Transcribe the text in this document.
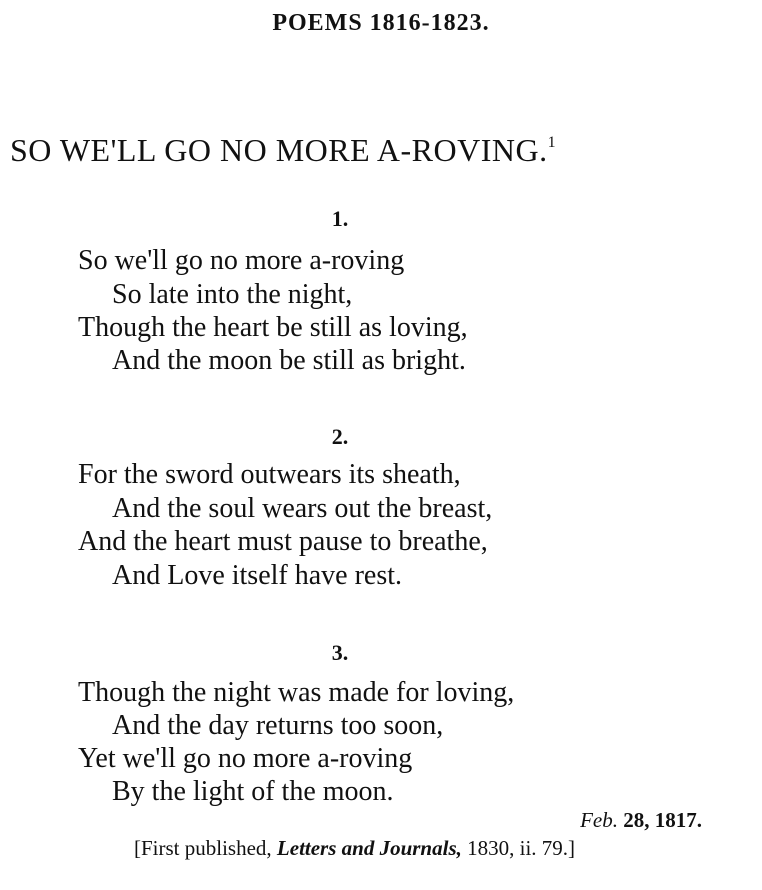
POEMS 1816-1823.
SO WE'LL GO NO MORE A-ROVING.$^1$
1.
So we'll go no more a-roving
So late into the night,
Though the heart be still as loving,
And the moon be still as bright.
2.
For the sword outwears its sheath,
And the soul wears out the breast,
And the heart must pause to breathe,
And Love itself have rest.
3.
Though the night was made for loving,
And the day returns too soon,
Yet we'll go no more a-roving
By the light of the moon.
Feb. 28, 1817.
[First published, Letters and Journals, 1830, ii. 79.]
